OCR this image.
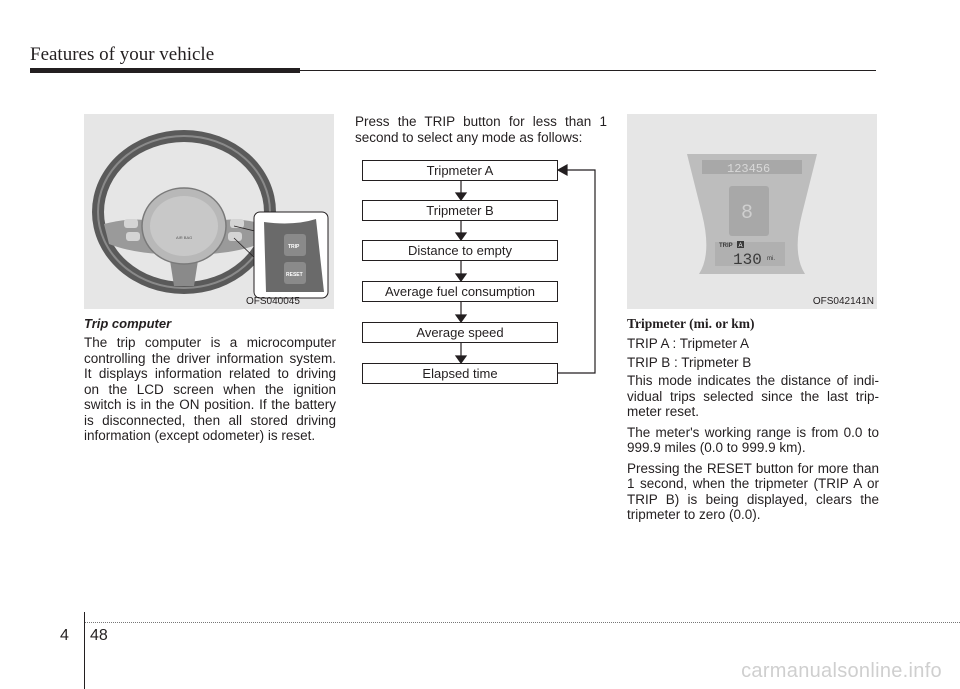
Features of your vehicle
AIR BAG
TRIP
RESET
OFS040045
123456
8
TRIP A
130 mi.
OFS042141N
Trip computer

The trip computer is a microcomputer controlling the driver information system. It displays information related to driving on the LCD screen when the ignition switch is in the ON position. If the battery is disconnected, then all stored driving information (except odometer) is reset.

Press the TRIP button for less than 1 second to select any mode as follows:

Tripmeter A
Tripmeter B
Distance to empty
Average fuel consumption
Average speed
Elapsed time
Tripmeter (mi. or km)

TRIP A : Tripmeter A

TRIP B : Tripmeter B

This mode indicates the distance of indi-vidual trips selected since the last trip-meter reset.

The meter's working range is from 0.0 to 999.9 miles (0.0 to 999.9 km).

Pressing the RESET button for more than 1 second, when the tripmeter (TRIP A or TRIP B) is being displayed, clears the tripmeter to zero (0.0).

4 48
carmanualsonline.info
